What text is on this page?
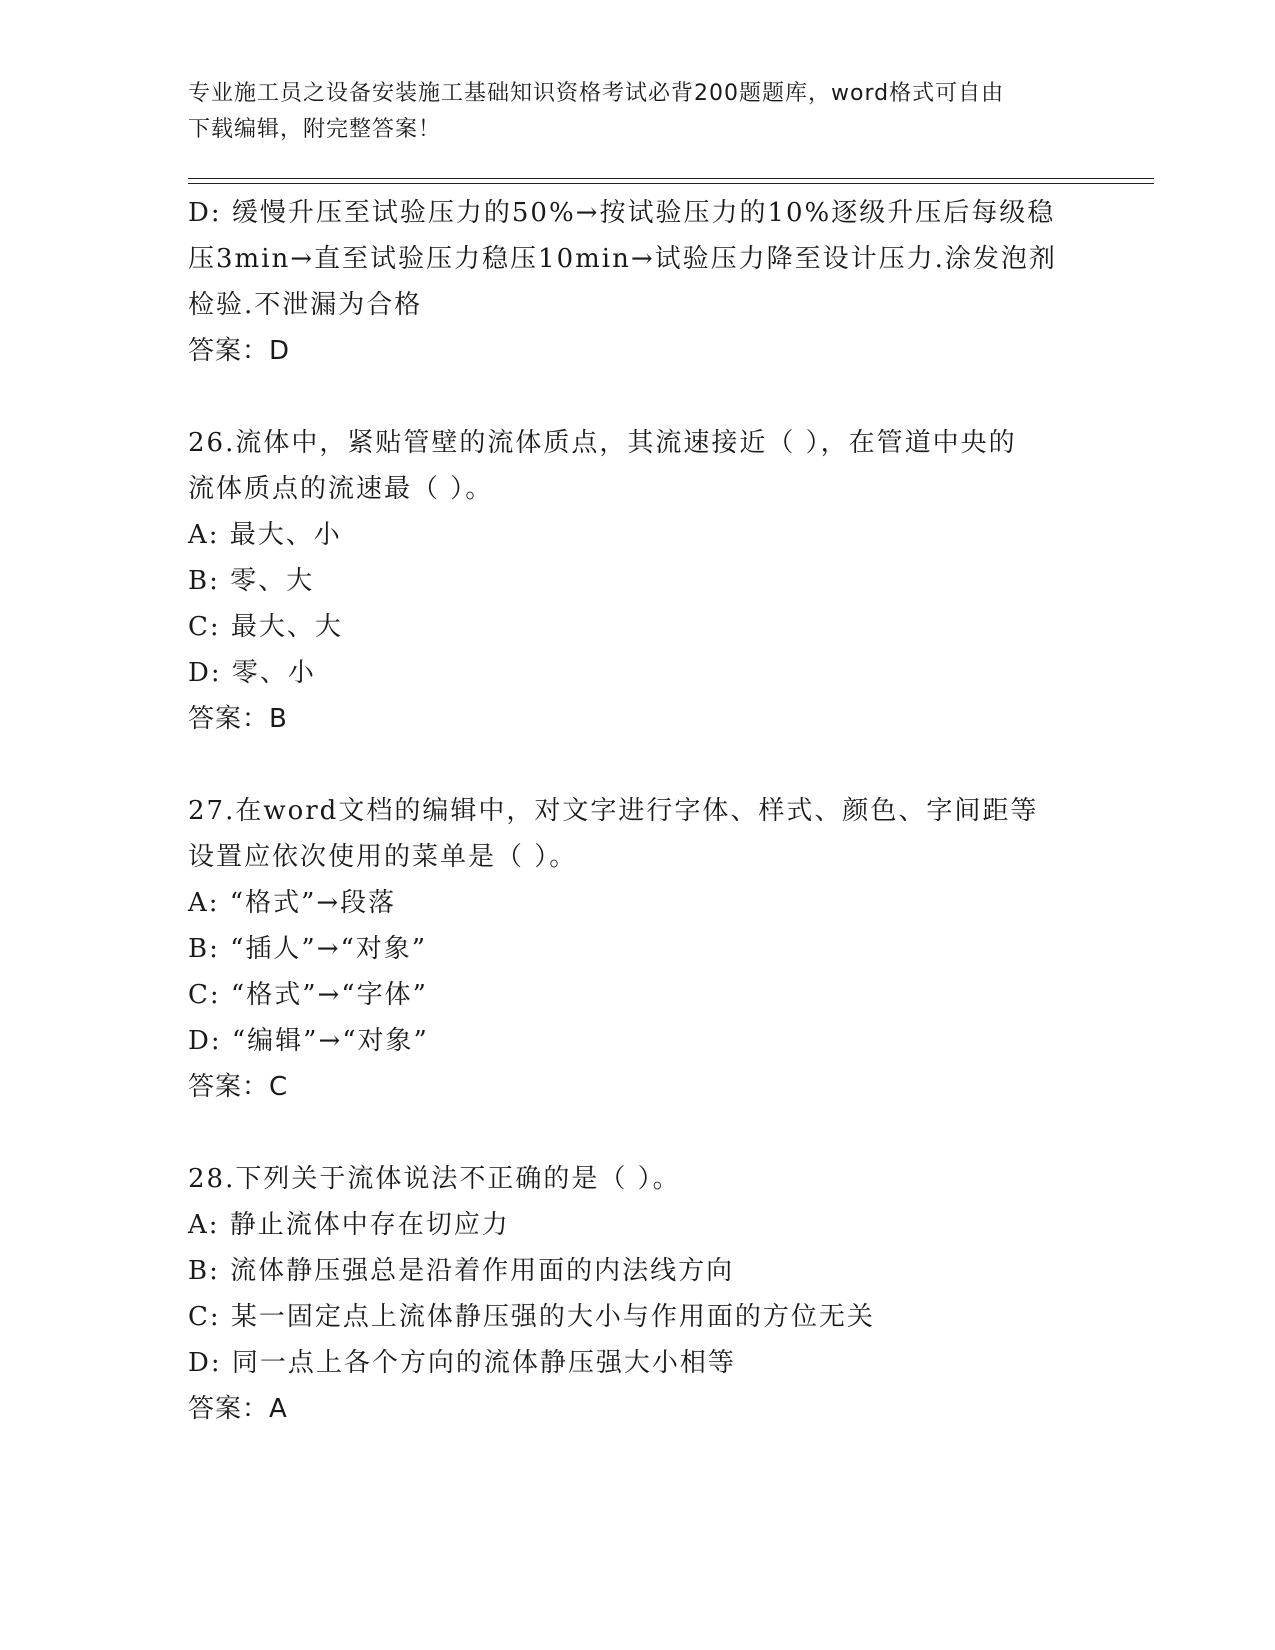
专业施工员之设备安装施工基础知识资格考试必背200题题库，word格式可自由
下载编辑，附完整答案！
D: 缓慢升压至试验压力的50%→按试验压力的10%逐级升压后每级稳
压3min→直至试验压力稳压10min→试验压力降至设计压力.涂发泡剂
检验.不泄漏为合格
答案：D
26.流体中，紧贴管壁的流体质点，其流速接近（ ），在管道中央的
流体质点的流速最（ ）。
A: 最大、小
B: 零、大
C: 最大、大
D: 零、小
答案：B
27.在word文档的编辑中，对文字进行字体、样式、颜色、字间距等
设置应依次使用的菜单是（ ）。
A: “格式”→段落
B: “插人”→“对象”
C: “格式”→“字体”
D: “编辑”→“对象”
答案：C
28.下列关于流体说法不正确的是（ ）。
A: 静止流体中存在切应力
B: 流体静压强总是沿着作用面的内法线方向
C: 某一固定点上流体静压强的大小与作用面的方位无关
D: 同一点上各个方向的流体静压强大小相等
答案：A
